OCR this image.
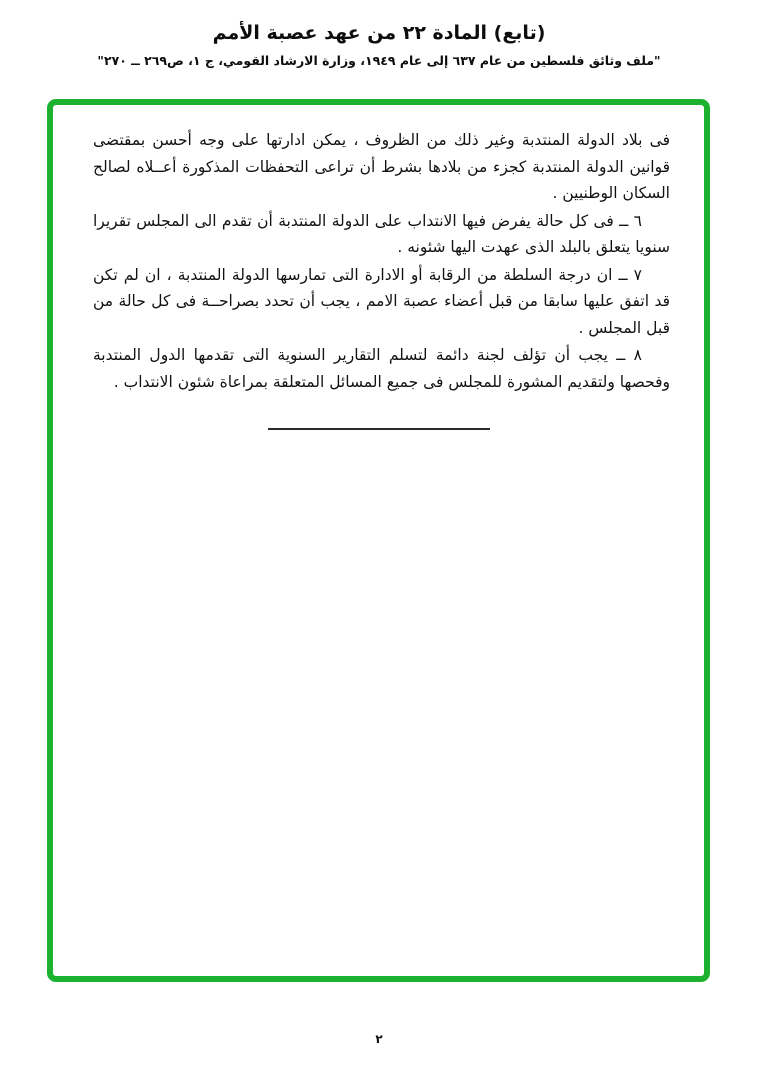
(تابع) المادة ٢٢ من عهد عصبة الأمم
"ملف وثائق فلسطين من عام ٦٣٧ إلى عام ١٩٤٩، وزارة الارشاد القومي، ج ١، ص٢٦٩ ــ ٢٧٠"

فى بلاد الدولة المنتدبة وغير ذلك من الظروف ، يمكن ادارتها على وجه أحسن بمقتضى قوانين الدولة المنتدبة كجزء من بلادها بشرط أن تراعى التحفظات المذكورة أعــلاه لصالح السكان الوطنيين .

٦ ــ فى كل حالة يفرض فيها الانتداب على الدولة المنتدبة أن تقدم الى المجلس تقريرا سنويا يتعلق بالبلد الذى عهدت اليها شئونه .

٧ ــ ان درجة السلطة من الرقابة أو الادارة التى تمارسها الدولة المنتدبة ، ان لم تكن قد اتفق عليها سابقا من قبل أعضاء عصبة الامم ، يجب أن تحدد بصراحــة فى كل حالة من قبل المجلس .

٨ ــ يجب أن تؤلف لجنة دائمة لتسلم التقارير السنوية التى تقدمها الدول المنتدبة وفحصها ولتقديم المشورة للمجلس فى جميع المسائل المتعلقة بمراعاة شئون الانتداب .

٢
